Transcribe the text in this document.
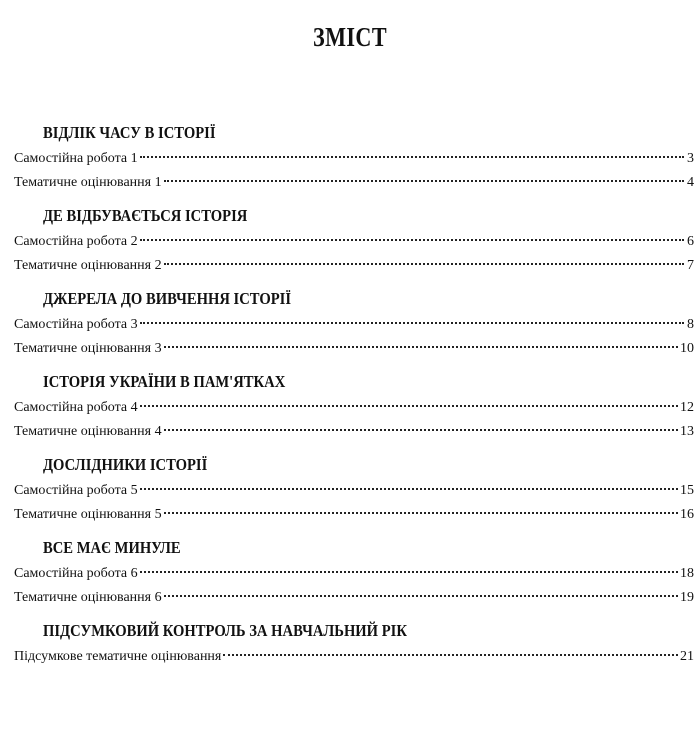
ЗМІСТ
ВІДЛІК ЧАСУ В ІСТОРІЇ
Самостійна робота 1	3
Тематичне оцінювання 1	4
ДЕ ВІДБУВАЄТЬСЯ ІСТОРІЯ
Самостійна робота 2	6
Тематичне оцінювання 2	7
ДЖЕРЕЛА ДО ВИВЧЕННЯ ІСТОРІЇ
Самостійна робота 3	8
Тематичне оцінювання 3	10
ІСТОРІЯ УКРАЇНИ В ПАМ'ЯТКАХ
Самостійна робота 4	12
Тематичне оцінювання 4	13
ДОСЛІДНИКИ ІСТОРІЇ
Самостійна робота 5	15
Тематичне оцінювання 5	16
ВСЕ МАЄ МИНУЛЕ
Самостійна робота 6	18
Тематичне оцінювання 6	19
ПІДСУМКОВИЙ КОНТРОЛЬ ЗА НАВЧАЛЬНИЙ РІК
Підсумкове тематичне оцінювання	21
